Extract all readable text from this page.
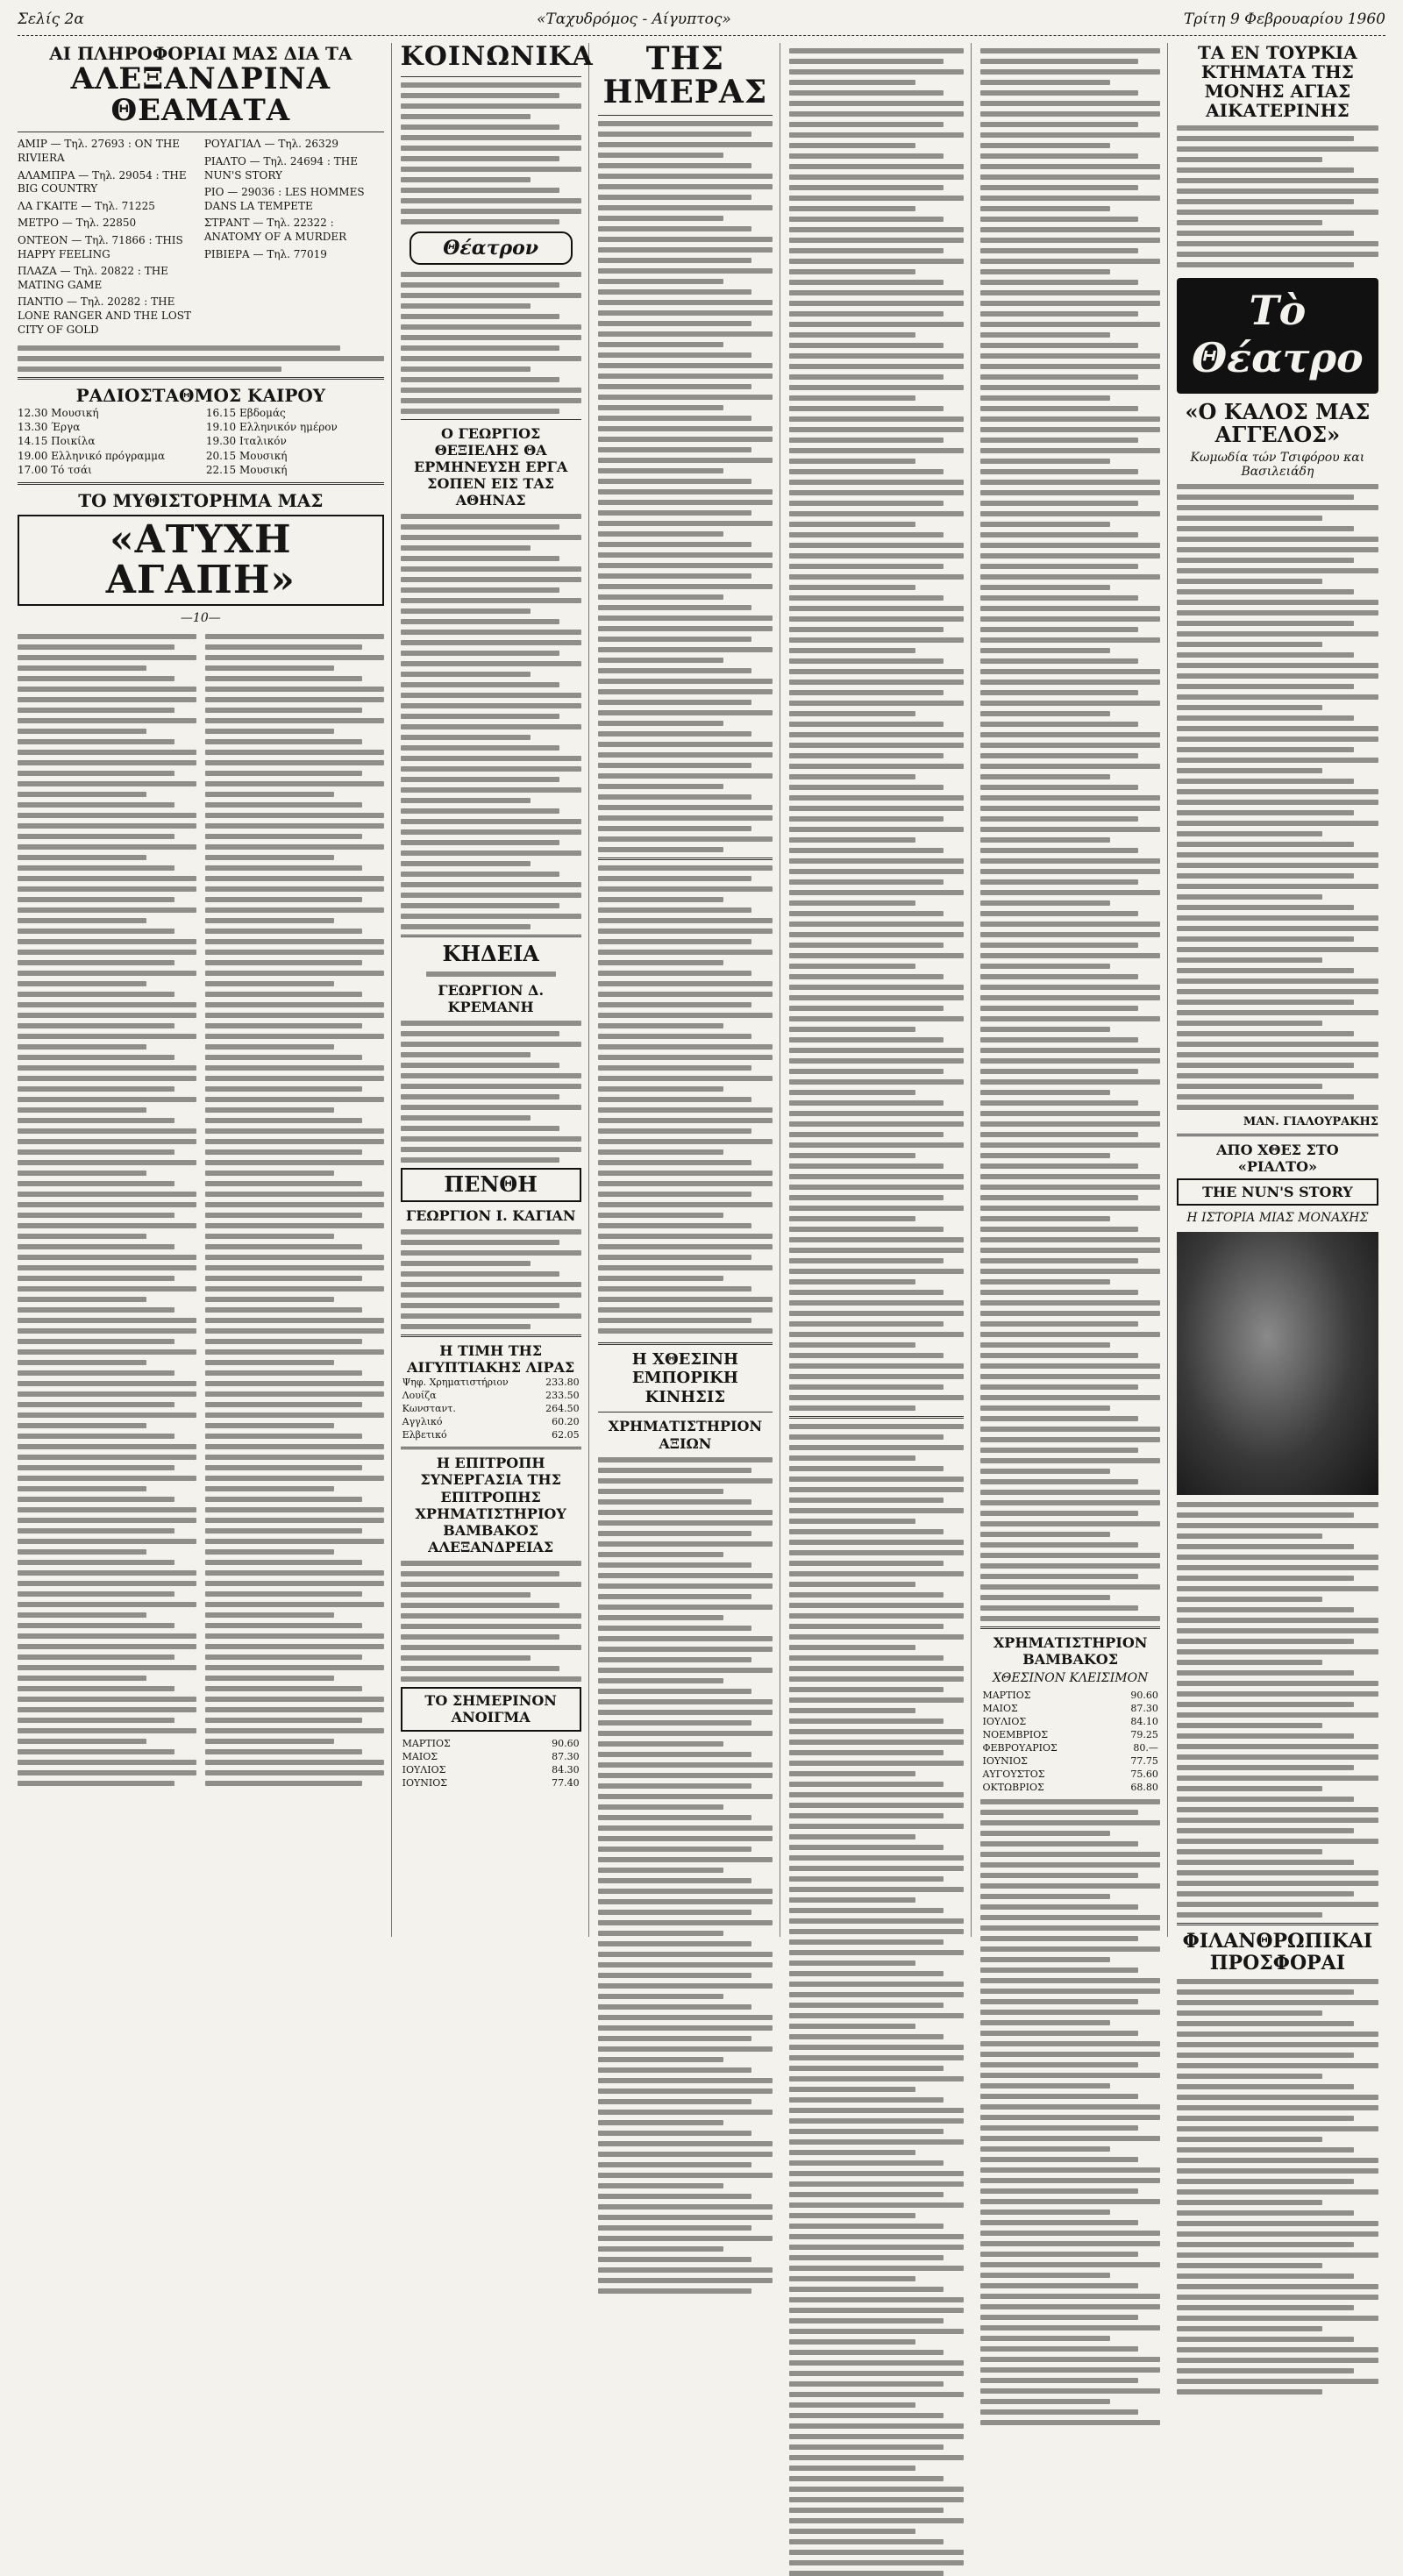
Σελίς 2α	«Ταχυδρόμος - Αίγυπτος»	Τρίτη 9 Φεβρουαρίου 1960
ΑΙ ΠΛΗΡΟΦΟΡΙΑΙ ΜΑΣ ΔΙΑ ΤΑ
ΑΛΕΞΑΝΔΡΙΝΑ ΘΕΑΜΑΤΑ
ΑΜΙΡ — Τηλ. 27693 : ON THE RIVIERA
ΑΛΑΜΠΡΑ — Τηλ. 29054 : THE BIG COUNTRY
ΛΑ ΓΚΑΙΤΕ — Τηλ. 71225
ΜΕΤΡΟ — Τηλ. 22850
ΟΝΤΕΟΝ — Τηλ. 71866 : THIS HAPPY FEELING
ΠΛΑΖΑ — Τηλ. 20822 : THE MATING GAME
ΠΑΝΤΙΟ — Τηλ. 20282 : THE LONE RANGER AND THE LOST CITY OF GOLD
ΡΟΥΑΓΙΑΛ — Τηλ. 26329
ΡΙΑΛΤΟ — Τηλ. 24694 : THE NUN'S STORY
ΡΙΟ — 29036 : LES HOMMES DANS LA TEMPETE
ΣΤΡΑΝΤ — Τηλ. 22322 : ANATOMY OF A MURDER
ΡΙΒΙΕΡΑ — Τηλ. 77019
ΡΑΔΙΟΣΤΑΘΜΟΣ ΚΑΙΡΟΥ
12.30 Μουσική
13.30 Έργα
14.15 Ποικίλα
19.00 Ελληνικό πρόγραμμα
17.00 Τό τσάι
16.15 Εβδομάς
19.10 Ελληνικόν ημέρον
19.30 Ιταλικόν
20.15 Μουσική
22.15 Μουσική
ΤΟ ΜΥΘΙΣΤΟΡΗΜΑ ΜΑΣ
«ΑΤΥΧΗ ΑΓΑΠΗ»
—10—
ΚΟΙΝΩΝΙΚΑ
Θέατρον
Ο ΓΕΩΡΓΙΟΣ ΘΕΞΙΕΛΗΣ ΘΑ ΕΡΜΗΝΕΥΣΗ ΕΡΓΑ ΣΟΠΕΝ ΕΙΣ ΤΑΣ ΑΘΗΝΑΣ
ΚΗΔΕΙΑ
ΓΕΩΡΓΙΟΝ Δ. ΚΡΕΜΑΝΗ
ΠΕΝΘΗ
ΓΕΩΡΓΙΟΝ Ι. ΚΑΓΙΑΝ
Η ΤΙΜΗ ΤΗΣ ΑΙΓΥΠΤΙΑΚΗΣ ΛΙΡΑΣ
Ψηφ. Χρηματιστήριον	233.80
Λουίζα	233.50
Κωνσταντ.	264.50
Αγγλικό	60.20
Ελβετικό	62.05
Η ΕΠΙΤΡΟΠΗ ΣΥΝΕΡΓΑΣΙΑ ΤΗΣ ΕΠΙΤΡΟΠΗΣ ΧΡΗΜΑΤΙΣΤΗΡΙΟΥ ΒΑΜΒΑΚΟΣ ΑΛΕΞΑΝΔΡΕΙΑΣ
ΤΟ ΣΗΜΕΡΙΝΟΝ ΑΝΟΙΓΜΑ
ΜΑΡΤΙΟΣ	90.60
ΜΑΙΟΣ	87.30
ΙΟΥΛΙΟΣ	84.30
ΙΟΥΝΙΟΣ	77.40
ΤΗΣ ΗΜΕΡΑΣ
Η ΧΘΕΣΙΝΗ ΕΜΠΟΡΙΚΗ ΚΙΝΗΣΙΣ
ΧΡΗΜΑΤΙΣΤΗΡΙΟΝ ΑΞΙΩΝ
ΧΡΗΜΑΤΙΣΤΗΡΙΟΝ ΒΑΜΒΑΚΟΣ
ΧΘΕΣΙΝΟΝ ΚΛΕΙΣΙΜΟΝ
ΜΑΡΤΙΟΣ	90.60
ΜΑΙΟΣ	87.30
ΙΟΥΛΙΟΣ	84.10
ΝΟΕΜΒΡΙΟΣ	79.25
ΦΕΒΡΟΥΑΡΙΟΣ	80.—
ΙΟΥΝΙΟΣ	77.75
ΑΥΓΟΥΣΤΟΣ	75.60
ΟΚΤΩΒΡΙΟΣ	68.80
ΤΑ ΕΝ ΤΟΥΡΚΙΑ ΚΤΗΜΑΤΑ ΤΗΣ ΜΟΝΗΣ ΑΓΙΑΣ ΑΙΚΑΤΕΡΙΝΗΣ
Τὸ Θέατρο
«Ο ΚΑΛΟΣ ΜΑΣ ΑΓΓΕΛΟΣ»
Κωμωδία τών Τσιφόρου και Βασιλειάδη
ΜΑΝ. ΓΙΑΛΟΥΡΑΚΗΣ
ΑΠΟ ΧΘΕΣ ΣΤΟ «ΡΙΑΛΤΟ»
THE NUN'S STORY
Η ΙΣΤΟΡΙΑ ΜΙΑΣ ΜΟΝΑΧΗΣ
ΦΙΛΑΝΘΡΩΠΙΚΑΙ ΠΡΟΣΦΟΡΑΙ
